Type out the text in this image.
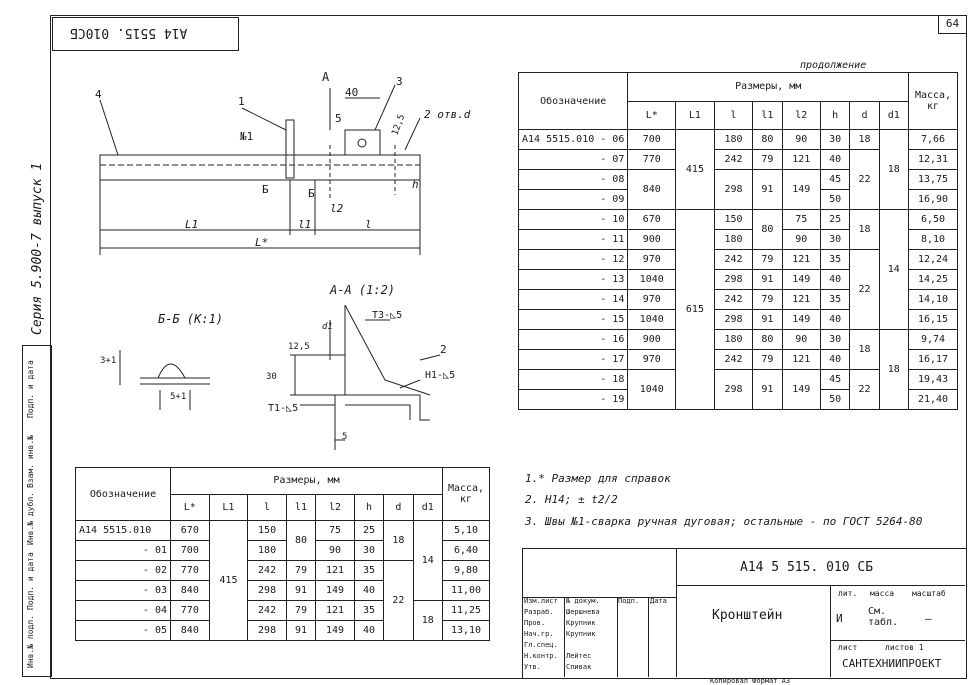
64
А14 5515. 010СБ
Серия 5.900-7 выпуск 1
Подп. и дата
Взам. инв.№
Инв.№ дубл.
Подп. и дата
Инв.№ подл.
4
1
3
№1
2 отв.d
А
40
5	12,5
h
Б	Б
l2
L1	l1	l
L*
Б-Б (К:1)
3+1
5+1
А-А (1:2)
Т3-◺5
2
Н1-◺5
Т1-◺5
30
12,5
d1
5
продолжение
Обозначение	Размеры, мм								Масса, кг
	L*	L1	l	l1	l2	h	d	d1	
А14 5515.010 - 06	700	415	180	80	90	30	18	18	7,66
- 07	770		242	79	121	40	22		12,31
- 08	840		298	91	149	45			13,75
- 09						50			16,90
- 10	670	615	150	80	75	25	18	14	6,50
- 11	900		180		90	30			8,10
- 12	970		242	79	121	35	22		12,24
- 13	1040		298	91	149	40			14,25
- 14	970		242	79	121	35			14,10
- 15	1040		298	91	149	40			16,15
- 16	900		180	80	90	30	18	18	9,74
- 17	970		242	79	121	40			16,17
- 18	1040		298	91	149	45	22		19,43
- 19						50			21,40
Обозначение	Размеры, мм								Масса, кг
	L*	L1	l	l1	l2	h	d	d1	
А14 5515.010	670	415	150	80	75	25	18	14	5,10
- 01	700		180		90	30			6,40
- 02	770		242	79	121	35	22		9,80
- 03	840		298	91	149	40			11,00
- 04	770		242	79	121	35		18	11,25
- 05	840		298	91	149	40			13,10
1.* Размер для справок
2. Н14; ± t2/2
3. Швы №1-сварка ручная дуговая; остальные - по ГОСТ 5264-80
А14 5 515. 010 СБ
Кронштейн
лит. масса масштаб
И
См. табл.	—
лист	листов 1
САНТЕХНИИПРОЕКТ
Изм.лист № докум.	Подп. Дата
Разраб. Шершнева
Пров.	Крупник
Нач.гр. Крупник
Гл.спец.
Н.контр. Лейтес
Утв.	Спивак
Копировал Формат А3
